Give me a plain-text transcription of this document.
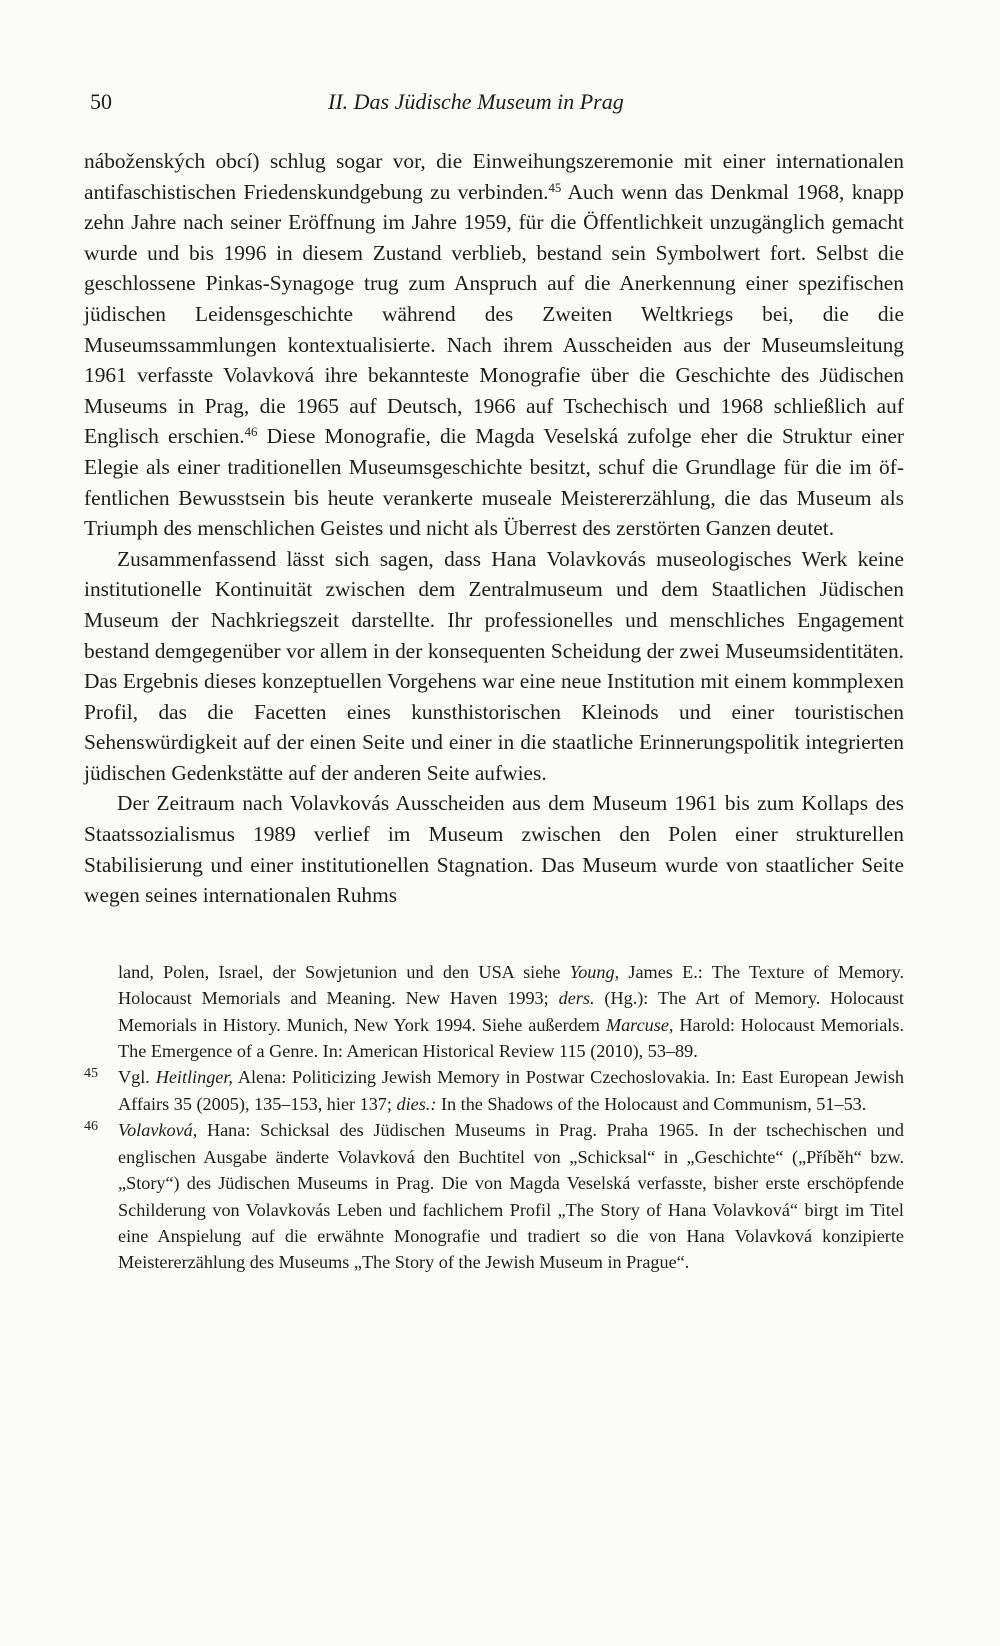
50	II. Das Jüdische Museum in Prag

náboženských obcí) schlug sogar vor, die Einweihungszeremonie mit einer internationalen antifaschistischen Friedenskundgebung zu verbinden.$^{45}$ Auch wenn das Denkmal 1968, knapp zehn Jahre nach seiner Eröffnung im Jahre 1959, für die Öffentlichkeit unzugänglich gemacht wurde und bis 1996 in diesem Zustand verblieb, bestand sein Symbolwert fort. Selbst die geschlossene Pinkas-Synagoge trug zum Anspruch auf die Anerkennung einer spezifischen jüdischen Leidensgeschichte während des Zweiten Weltkriegs bei, die die Museumssammlungen kontextualisierte. Nach ihrem Ausscheiden aus der Museumsleitung 1961 verfasste Volavková ihre bekannteste Monografie über die Geschichte des Jüdischen Museums in Prag, die 1965 auf Deutsch, 1966 auf Tschechisch und 1968 schließlich auf Englisch erschien.$^{46}$ Diese Monografie, die Magda Veselská zufolge eher die Struktur einer Elegie als einer traditionellen Museumsgeschichte besitzt, schuf die Grundlage für die im öffentlichen Bewusstsein bis heute verankerte museale Meistererzählung, die das Museum als Triumph des menschlichen Geistes und nicht als Überrest des zerstörten Ganzen deutet.

Zusammenfassend lässt sich sagen, dass Hana Volavkovás museologisches Werk keine institutionelle Kontinuität zwischen dem Zentralmuseum und dem Staatlichen Jüdischen Museum der Nachkriegszeit darstellte. Ihr professionelles und menschliches Engagement bestand demgegenüber vor allem in der konsequenten Scheidung der zwei Museumsidentitäten. Das Ergebnis dieses konzeptuellen Vorgehens war eine neue Institution mit einem kommplexen Profil, das die Facetten eines kunsthistorischen Kleinods und einer touristischen Sehenswürdigkeit auf der einen Seite und einer in die staatliche Erinnerungspolitik integrierten jüdischen Gedenkstätte auf der anderen Seite aufwies.

Der Zeitraum nach Volavkovás Ausscheiden aus dem Museum 1961 bis zum Kollaps des Staatssozialismus 1989 verlief im Museum zwischen den Polen einer strukturellen Stabilisierung und einer institutionellen Stagnation. Das Museum wurde von staatlicher Seite wegen seines internationalen Ruhms

land, Polen, Israel, der Sowjetunion und den USA siehe Young, James E.: The Texture of Memory. Holocaust Memorials and Meaning. New Haven 1993; ders. (Hg.): The Art of Memory. Holocaust Memorials in History. Munich, New York 1994. Siehe außerdem Marcuse, Harold: Holocaust Memorials. The Emergence of a Genre. In: American Historical Review 115 (2010), 53–89.

45 Vgl. Heitlinger, Alena: Politicizing Jewish Memory in Postwar Czechoslovakia. In: East European Jewish Affairs 35 (2005), 135–153, hier 137; dies.: In the Shadows of the Holocaust and Communism, 51–53.

46 Volavková, Hana: Schicksal des Jüdischen Museums in Prag. Praha 1965. In der tschechischen und englischen Ausgabe änderte Volavková den Buchtitel von „Schicksal“ in „Geschichte“ („Příběh“ bzw. „Story“) des Jüdischen Museums in Prag. Die von Magda Veselská verfasste, bisher erste erschöpfende Schilderung von Volavkovás Leben und fachlichem Profil „The Story of Hana Volavková“ birgt im Titel eine Anspielung auf die erwähnte Monografie und tradiert so die von Hana Volavková konzipierte Meistererzählung des Museums „The Story of the Jewish Museum in Prague“.
